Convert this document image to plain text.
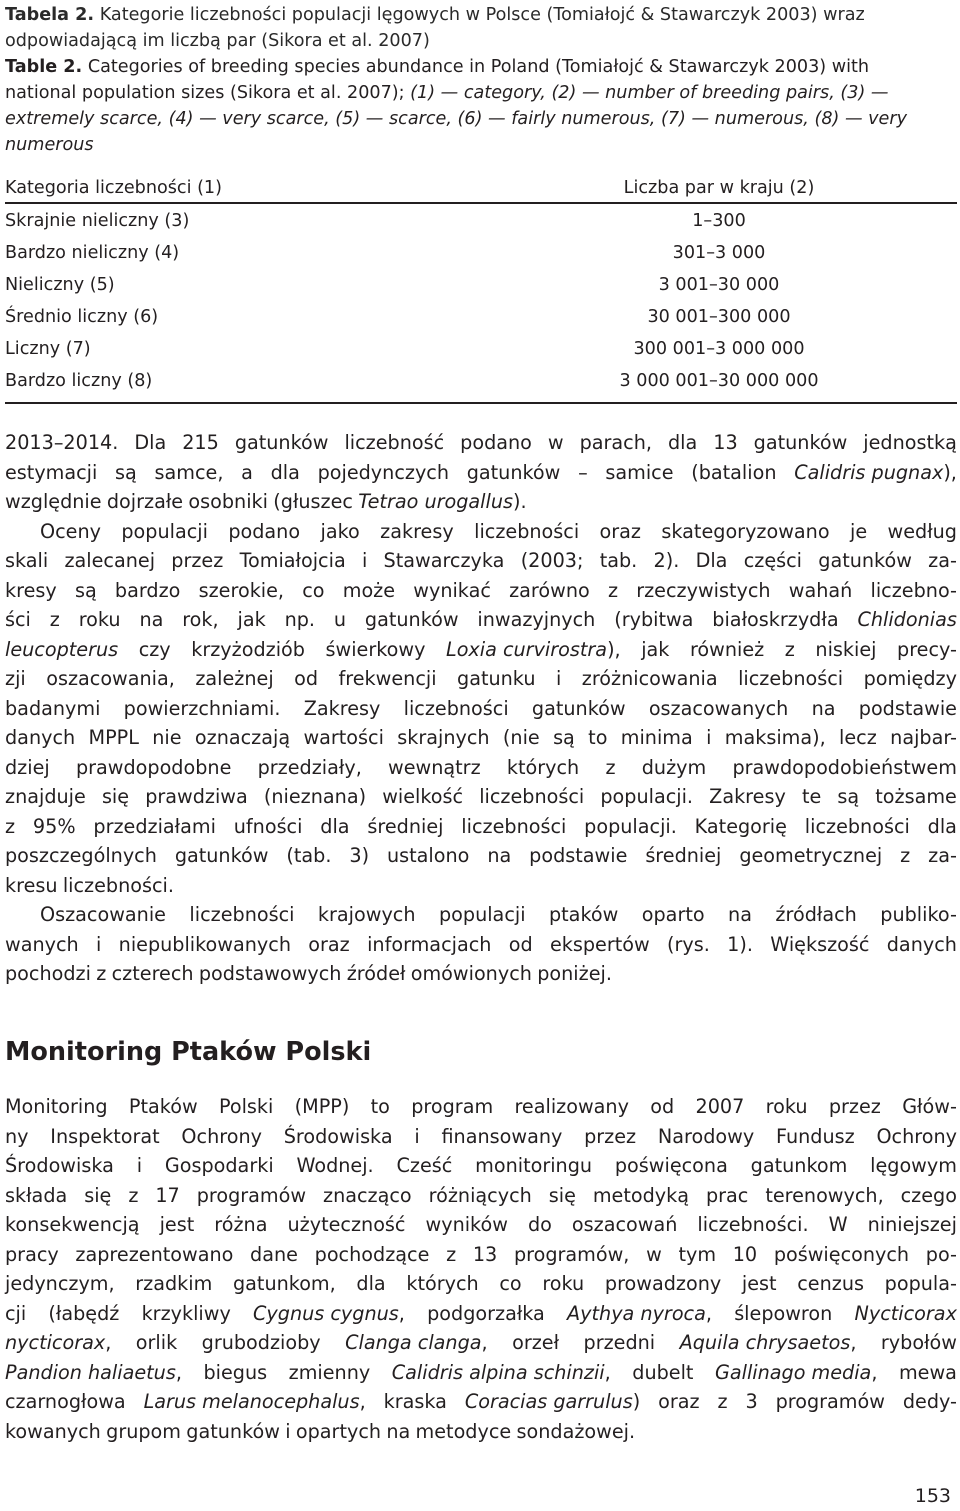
Tabela 2. Kategorie liczebności populacji lęgowych w Polsce (Tomiałojć & Stawarczyk 2003) wraz
odpowiadającą im liczbą par (Sikora et al. 2007)
Table 2. Categories of breeding species abundance in Poland (Tomiałojć & Stawarczyk 2003) with
national population sizes (Sikora et al. 2007); (1) — category, (2) — number of breeding pairs, (3) —
extremely scarce, (4) — very scarce, (5) — scarce, (6) — fairly numerous, (7) — numerous, (8) — very
numerous
Kategoria liczebności (1)	Liczba par w kraju (2)
Skrajnie nieliczny (3)	1–300
Bardzo nieliczny (4)	301–3 000
Nieliczny (5)	3 001–30 000
Średnio liczny (6)	30 001–300 000
Liczny (7)	300 001–3 000 000
Bardzo liczny (8)	3 000 001–30 000 000
2013–2014. Dla 215 gatunków liczebność podano w parach, dla 13 gatunków jednostką
estymacji są samce, a dla pojedynczych gatunków – samice (batalion Calidris pugnax),
względnie dojrzałe osobniki (głuszec Tetrao urogallus).
Oceny populacji podano jako zakresy liczebności oraz skategoryzowano je według
skali zalecanej przez Tomiałojcia i Stawarczyka (2003; tab. 2). Dla części gatunków za-
kresy są bardzo szerokie, co może wynikać zarówno z rzeczywistych wahań liczebno-
ści z roku na rok, jak np. u gatunków inwazyjnych (rybitwa białoskrzydła Chlidonias
leucopterus czy krzyżodziób świerkowy Loxia curvirostra), jak również z niskiej precy-
zji oszacowania, zależnej od frekwencji gatunku i zróżnicowania liczebności pomiędzy
badanymi powierzchniami. Zakresy liczebności gatunków oszacowanych na podstawie
danych MPPL nie oznaczają wartości skrajnych (nie są to minima i maksima), lecz najbar-
dziej prawdopodobne przedziały, wewnątrz których z dużym prawdopodobieństwem
znajduje się prawdziwa (nieznana) wielkość liczebności populacji. Zakresy te są tożsame
z 95% przedziałami ufności dla średniej liczebności populacji. Kategorię liczebności dla
poszczególnych gatunków (tab. 3) ustalono na podstawie średniej geometrycznej z za-
kresu liczebności.
Oszacowanie liczebności krajowych populacji ptaków oparto na źródłach publiko-
wanych i niepublikowanych oraz informacjach od ekspertów (rys. 1). Większość danych
pochodzi z czterech podstawowych źródeł omówionych poniżej.
Monitoring Ptaków Polski
Monitoring Ptaków Polski (MPP) to program realizowany od 2007 roku przez Głów-
ny Inspektorat Ochrony Środowiska i finansowany przez Narodowy Fundusz Ochrony
Środowiska i Gospodarki Wodnej. Cześć monitoringu poświęcona gatunkom lęgowym
składa się z 17 programów znacząco różniących się metodyką prac terenowych, czego
konsekwencją jest różna użyteczność wyników do oszacowań liczebności. W niniejszej
pracy zaprezentowano dane pochodzące z 13 programów, w tym 10 poświęconych po-
jedynczym, rzadkim gatunkom, dla których co roku prowadzony jest cenzus popula-
cji (łabędź krzykliwy Cygnus cygnus, podgorzałka Aythya nyroca, ślepowron Nycticorax
nycticorax, orlik grubodzioby Clanga clanga, orzeł przedni Aquila chrysaetos, rybołów
Pandion haliaetus, biegus zmienny Calidris alpina schinzii, dubelt Gallinago media, mewa
czarnogłowa Larus melanocephalus, kraska Coracias garrulus) oraz z 3 programów dedy-
kowanych grupom gatunków i opartych na metodyce sondażowej.
153
